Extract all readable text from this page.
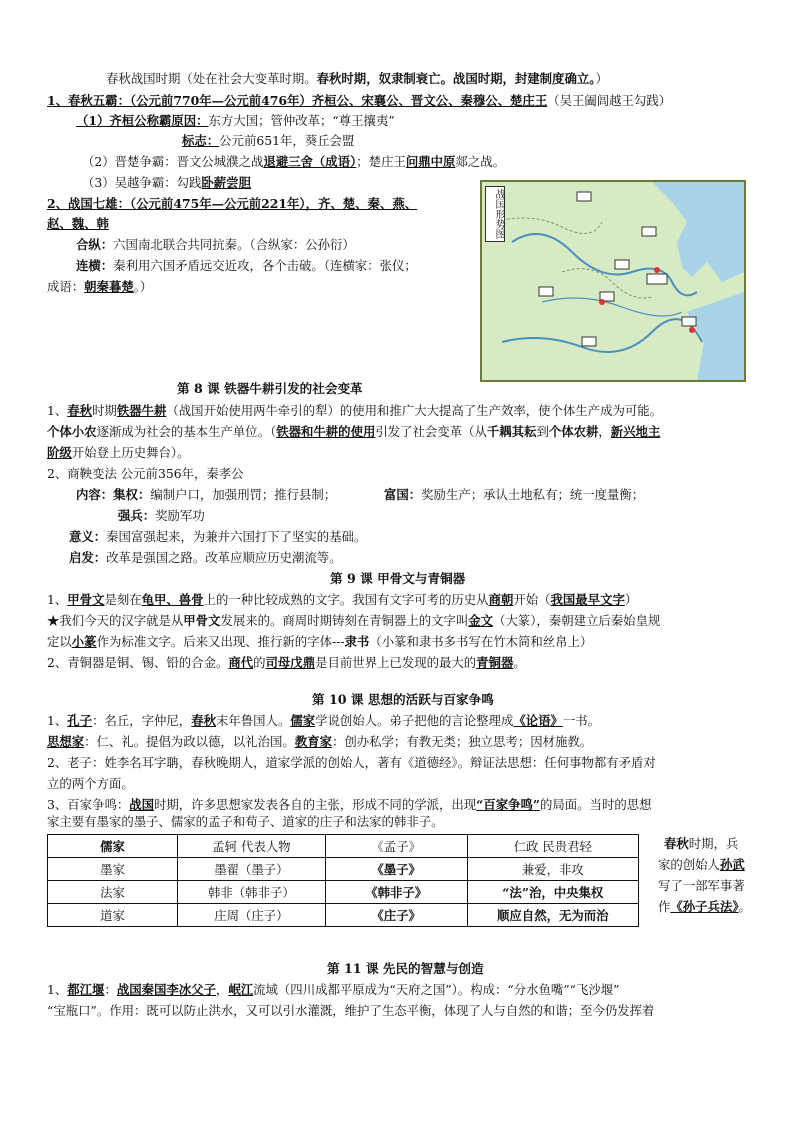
春秋战国时期（处在社会大变革时期。春秋时期，奴隶制衰亡。战国时期，封建制度确立。）
1、春秋五霸：（公元前770年—公元前476年）齐桓公、宋襄公、晋文公、秦穆公、楚庄王（吴王阖闾越王勾践）
（1）齐桓公称霸原因：东方大国；管仲改革；“尊王攘夷”
标志：公元前651年，葵丘会盟
（2）晋楚争霸：晋文公城濮之战退避三舍（成语）；楚庄王问鼎中原郯之战。
（3）吴越争霸：勾践卧薪尝胆
2、战国七雄：（公元前475年—公元前221年），齐、楚、秦、燕、
赵、魏、韩
合纵：六国南北联合共同抗秦。（合纵家：公孙衍）
连横：秦利用六国矛盾远交近攻，各个击破。（连横家：张仪；
成语：朝秦暮楚。）
战国形势图
第 8 课 铁器牛耕引发的社会变革
1、春秋时期铁器牛耕（战国开始使用两牛牵引的犁）的使用和推广大大提高了生产效率，使个体生产成为可能。
个体小农逐渐成为社会的基本生产单位。（铁器和牛耕的使用引发了社会变革（从千耦其耘到个体农耕，新兴地主
阶级开始登上历史舞台）。
2、商鞅变法 公元前356年，秦孝公
内容：集权：编制户口，加强刑罚；推行县制；	富国：奖励生产；承认土地私有；统一度量衡；
强兵：奖励军功
意义：秦国富强起来，为兼并六国打下了坚实的基础。
启发：改革是强国之路。改革应顺应历史潮流等。
第 9 课 甲骨文与青铜器
1、甲骨文是刻在龟甲、兽骨上的一种比较成熟的文字。我国有文字可考的历史从商朝开始（我国最早文字）
★我们今天的汉字就是从甲骨文发展来的。商周时期铸刻在青铜器上的文字叫金文（大篆），秦朝建立后秦始皇规
定以小篆作为标准文字。后来又出现、推行新的字体---隶书（小篆和隶书多书写在竹木简和丝帛上）
2、青铜器是铜、锡、铅的合金。商代的司母戊鼎是目前世界上已发现的最大的青铜器。
第 10 课 思想的活跃与百家争鸣
1、孔子：名丘，字仲尼，春秋末年鲁国人。儒家学说创始人。弟子把他的言论整理成《论语》一书。
思想家：仁、礼。提倡为政以德，以礼治国。教育家：创办私学；有教无类；独立思考；因材施教。
2、老子：姓李名耳字聃，春秋晚期人，道家学派的创始人，著有《道德经》。辩证法思想：任何事物都有矛盾对
立的两个方面。
3、百家争鸣：战国时期，许多思想家发表各自的主张，形成不同的学派，出现“百家争鸣”的局面。当时的思想
家主要有墨家的墨子、儒家的孟子和荀子、道家的庄子和法家的韩非子。
儒家	孟轲 代表人物	《孟子》	仁政 民贵君轻
墨家	墨翟（墨子）	《墨子》	兼爱，非攻
法家	韩非（韩非子）	《韩非子》	“法”治，中央集权
道家	庄周（庄子）	《庄子》	顺应自然，无为而治
春秋时期，兵
家的创始人孙武
写了一部军事著
作《孙子兵法》。
第 11 课 先民的智慧与创造
1、都江堰：战国秦国李冰父子，岷江流域（四川成都平原成为“天府之国”）。构成：“分水鱼嘴”“飞沙堰”
“宝瓶口”。作用：既可以防止洪水，又可以引水灌溉，维护了生态平衡，体现了人与自然的和谐；至今仍发挥着
